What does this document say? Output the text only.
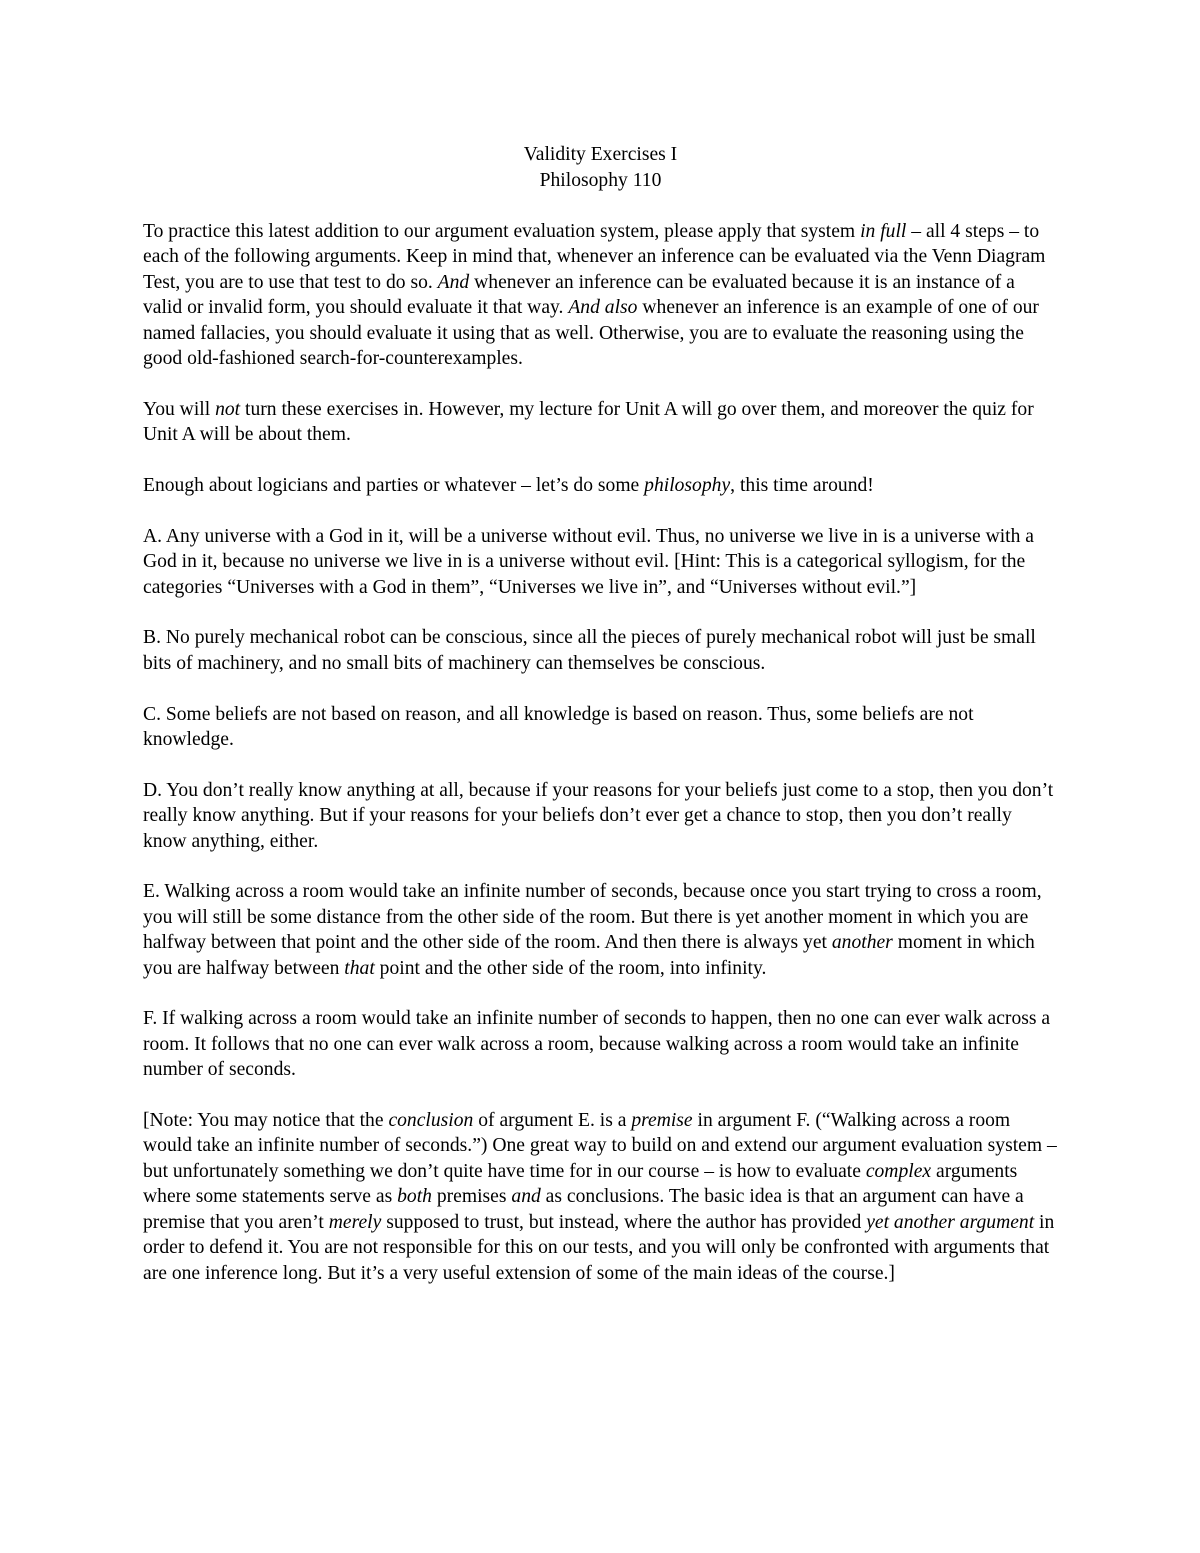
Validity Exercises I
Philosophy 110

To practice this latest addition to our argument evaluation system, please apply that system in full – all 4 steps – to each of the following arguments. Keep in mind that, whenever an inference can be evaluated via the Venn Diagram Test, you are to use that test to do so. And whenever an inference can be evaluated because it is an instance of a valid or invalid form, you should evaluate it that way. And also whenever an inference is an example of one of our named fallacies, you should evaluate it using that as well. Otherwise, you are to evaluate the reasoning using the good old-fashioned search-for-counterexamples.

You will not turn these exercises in. However, my lecture for Unit A will go over them, and moreover the quiz for Unit A will be about them.

Enough about logicians and parties or whatever – let’s do some philosophy, this time around!

A. Any universe with a God in it, will be a universe without evil. Thus, no universe we live in is a universe with a God in it, because no universe we live in is a universe without evil. [Hint: This is a categorical syllogism, for the categories “Universes with a God in them”, “Universes we live in”, and “Universes without evil.”]

B. No purely mechanical robot can be conscious, since all the pieces of purely mechanical robot will just be small bits of machinery, and no small bits of machinery can themselves be conscious.

C. Some beliefs are not based on reason, and all knowledge is based on reason. Thus, some beliefs are not knowledge.

D. You don’t really know anything at all, because if your reasons for your beliefs just come to a stop, then you don’t really know anything. But if your reasons for your beliefs don’t ever get a chance to stop, then you don’t really know anything, either.

E. Walking across a room would take an infinite number of seconds, because once you start trying to cross a room, you will still be some distance from the other side of the room. But there is yet another moment in which you are halfway between that point and the other side of the room. And then there is always yet another moment in which you are halfway between that point and the other side of the room, into infinity.

F. If walking across a room would take an infinite number of seconds to happen, then no one can ever walk across a room. It follows that no one can ever walk across a room, because walking across a room would take an infinite number of seconds.

[Note: You may notice that the conclusion of argument E. is a premise in argument F. (“Walking across a room would take an infinite number of seconds.”) One great way to build on and extend our argument evaluation system – but unfortunately something we don’t quite have time for in our course – is how to evaluate complex arguments where some statements serve as both premises and as conclusions. The basic idea is that an argument can have a premise that you aren’t merely supposed to trust, but instead, where the author has provided yet another argument in order to defend it. You are not responsible for this on our tests, and you will only be confronted with arguments that are one inference long. But it’s a very useful extension of some of the main ideas of the course.]
